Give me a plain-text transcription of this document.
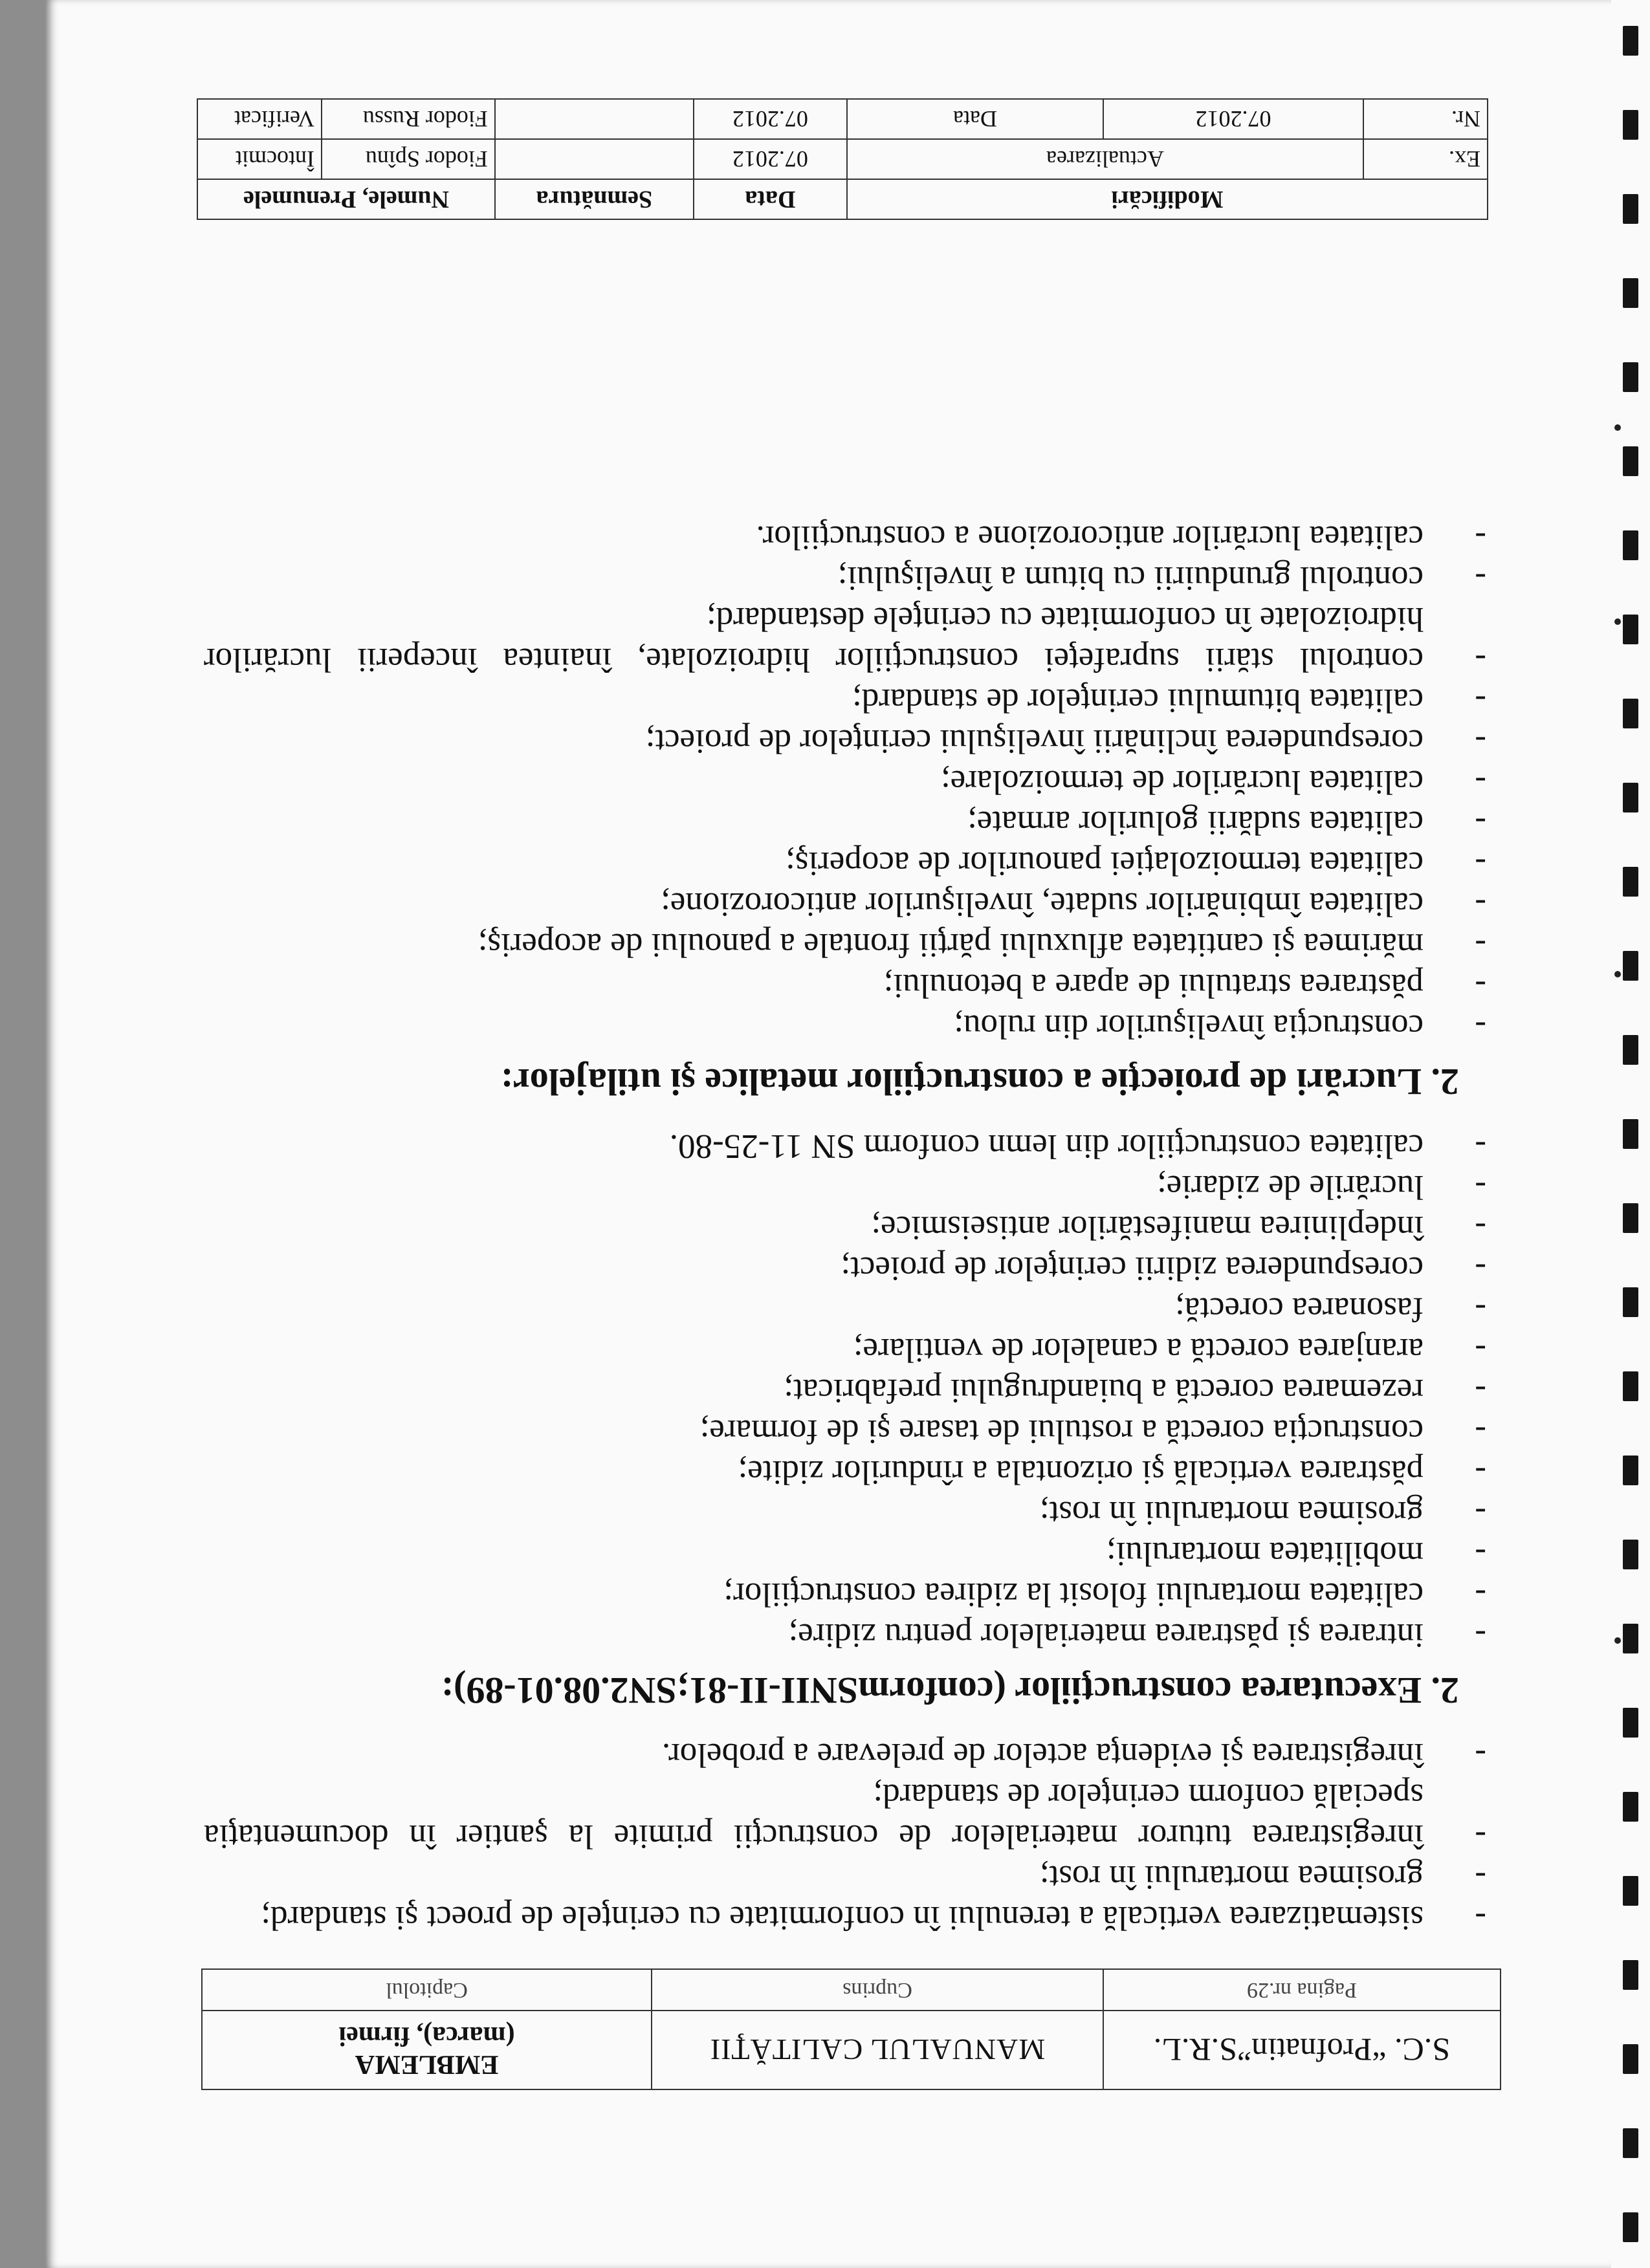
S.C. “Profnatin”S.R.L.	MANUALUL CALITĂŢII	EMBLEMA
(marca), firmei

Pagina nr.29	Cuprins	Capitolul
-
sistematizarea verticală a terenului în conformitate cu cerinţele de proect şi standard;
-
grosimea mortarului în rost;
-
înregistrarea tuturor materialelor de construcţii primite la şantier în documentaţia specială conform cerinţelor de standard;
-
înregistrarea şi evidenţa actelor de prelevare a probelor.
2. Executarea construcţiilor (conformSNII-II-81;SN2.08.01-89):
-
intrarea şi păstrarea materialelor pentru zidire;
-
calitatea mortarului folosit la zidirea construcţiilor;
-
mobilitatea mortarului;
-
grosimea mortarului în rost;
-
păstrarea verticală şi orizontala a rîndurilor zidite;
-
construcţia corectă a rostului de tasare şi de formare;
-
rezemarea corectă a buiandrugului prefabricat;
-
aranjarea corectă a canalelor de ventilare;
-
fasonarea corectă;
-
corespunderea zidirii cerinţelor de proiect;
-
îndeplinirea manifestărilor antiseismice;
-
lucrările de zidarie;
-
calitatea construcţiilor din lemn conform SN 11-25-80.
2. Lucrări de proiecţie a construcţiilor metalice şi utilajelor:
-
construcţia învelişurilor din rulou;
-
păstrarea stratului de apare a betonului;
-
mărimea şi cantitatea afluxului părţii frontale a panoului de acoperiş;
-
calitatea îmbinărilor sudate, învelişurilor anticorozione;
-
calitatea termoizolaţiei panourilor de acoperiş;
-
calitatea sudării golurilor armate;
-
calitatea lucrărilor de termoizolare;
-
corespunderea înclinării învelişului cerinţelor de proiect;
-
calitatea bitumului cerinţelor de standard;
-
controlul stării suprafeţei construcţiilor hidroizolate, înaintea începerii lucrărilor hidroizolate în conformitate cu cerinţele destandard;
-
controlul grunduirii cu bitum a învelişului;
-
calitatea lucrărilor anticorozione a construcţiilor.
Modificări			Data	Semnătura	Numele, Prenumele	
Ex.	Actualizarea		07.2012		Fiodor Spînu	Întocmit
Nr.	07.2012	Data	07.2012		Fiodor Russu	Verificat
